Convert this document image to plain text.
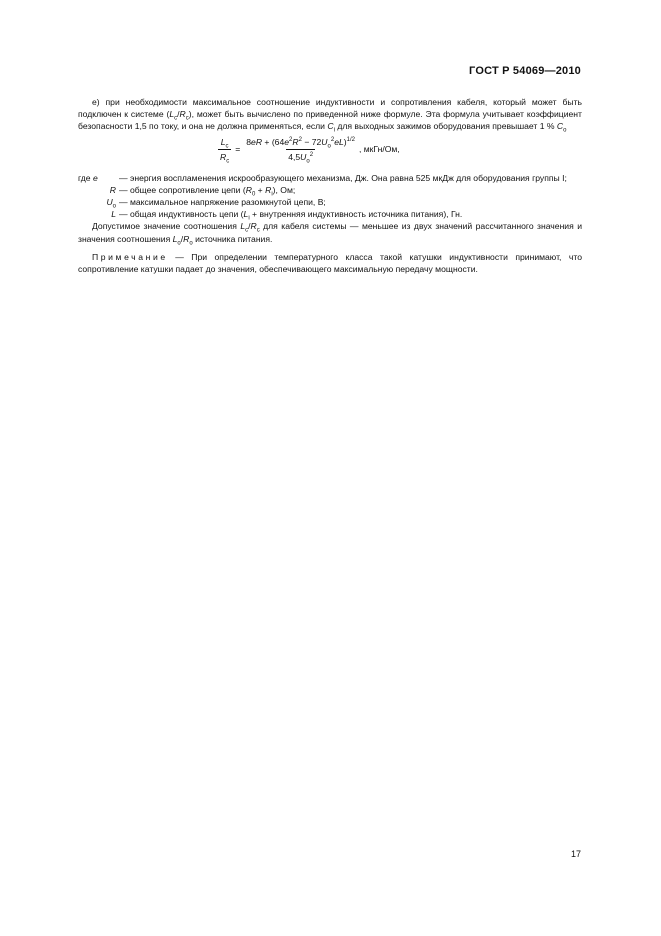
ГОСТ Р 54069—2010

e) при необходимости максимальное соотношение индуктивности и сопротивления кабеля, который может быть подключен к системе $(L_c/R_c)$, может быть вычислено по приведенной ниже формуле. Эта формула учитывает коэффициент безопасности 1,5 по току, и она не должна применяться, если $C_i$ для выходных зажимов оборудования превышает 1 % $C_o$

$\frac{L_c}{R_c} = \frac{8eR + (64e^2R^2 - 72U_o^2eL)^{1/2}}{4,5U_o^2}$ , мкГн/Ом,
где e	— энергия воспламенения искрообразующего механизма, Дж. Она равна 525 мкДж для оборудования группы I;
R — общее сопротивление цепи $(R_0 + R_i)$, Ом;
$U_o$ — максимальное напряжение разомкнутой цепи, В;
L — общая индуктивность цепи ($L_i$ + внутренняя индуктивность источника питания), Гн.

Допустимое значение соотношения $L_c/R_c$ для кабеля системы — меньшее из двух значений рассчитанного значения и значения соотношения $L_o/R_o$ источника питания.

Примечание — При определении температурного класса такой катушки индуктивности принимают, что сопротивление катушки падает до значения, обеспечивающего максимальную передачу мощности.

17
